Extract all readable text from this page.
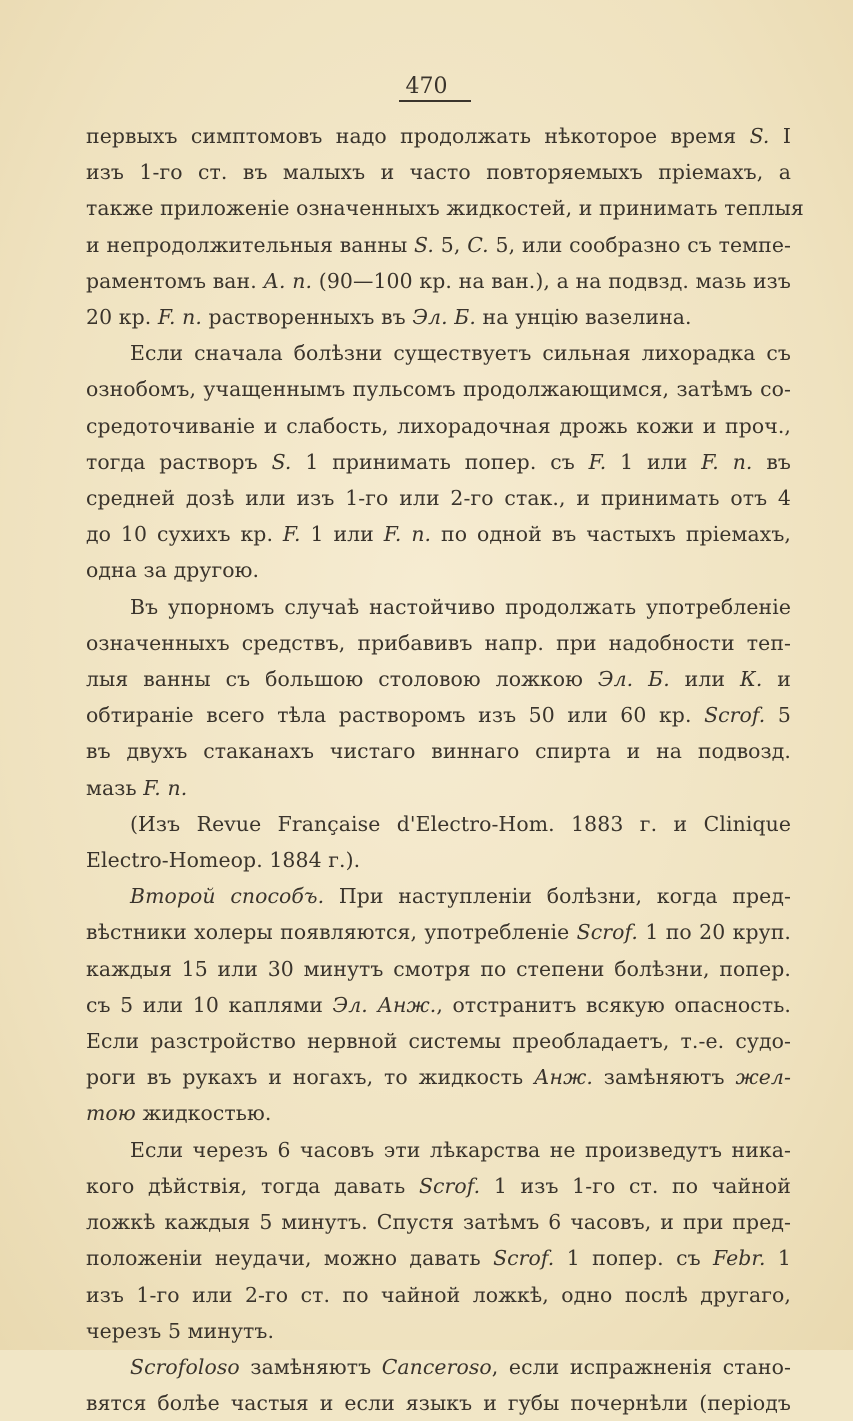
470
первыхъ симптомовъ надо продолжать нѣкоторое время S. I
изъ 1-го ст. въ малыхъ и часто повторяемыхъ пріемахъ, а
также приложеніе означенныхъ жидкостей, и принимать теплыя
и непродолжительныя ванны S. 5, C. 5, или сообразно съ темпе-
раментомъ ван. А. п. (90—100 кр. на ван.), а на подвзд. мазь изъ
20 кр. F. п. растворенныхъ въ Эл. Б. на унцію вазелина.
Если сначала болѣзни существуетъ сильная лихорадка съ
ознобомъ, учащеннымъ пульсомъ продолжающимся, затѣмъ со-
средоточиваніе и слабость, лихорадочная дрожь кожи и проч.,
тогда растворъ S. 1 принимать попер. съ F. 1 или F. п. въ
средней дозѣ или изъ 1-го или 2-го стак., и принимать отъ 4
до 10 сухихъ кр. F. 1 или F. п. по одной въ частыхъ пріемахъ,
одна за другою.
Въ упорномъ случаѣ настойчиво продолжать употребленіе
означенныхъ средствъ, прибавивъ напр. при надобности теп-
лыя ванны съ большою столовою ложкою Эл. Б. или К. и
обтираніе всего тѣла растворомъ изъ 50 или 60 кр. Scrof. 5
въ двухъ стаканахъ чистаго виннаго спирта и на подвозд.
мазь F. п.
(Изъ Revue Française d'Electro-Hom. 1883 г. и Clinique
Electro-Homeop. 1884 г.).
Второй способъ. При наступленіи болѣзни, когда пред-
вѣстники холеры появляются, употребленіе Scrof. 1 по 20 круп.
каждыя 15 или 30 минутъ смотря по степени болѣзни, попер.
съ 5 или 10 каплями Эл. Анж., отстранитъ всякую опасность.
Если разстройство нервной системы преобладаетъ, т.-е. судо-
роги въ рукахъ и ногахъ, то жидкость Анж. замѣняютъ жел-
тою жидкостью.
Если черезъ 6 часовъ эти лѣкарства не произведутъ ника-
кого дѣйствія, тогда давать Scrof. 1 изъ 1-го ст. по чайной
ложкѣ каждыя 5 минутъ. Спустя затѣмъ 6 часовъ, и при пред-
положеніи неудачи, можно давать Scrof. 1 попер. съ Febr. 1
изъ 1-го или 2-го ст. по чайной ложкѣ, одно послѣ другаго,
черезъ 5 минутъ.
Scrofoloso замѣняютъ Canceroso, если испражненія стано-
вятся болѣе частыя и если языкъ и губы почернѣли (періодъ
